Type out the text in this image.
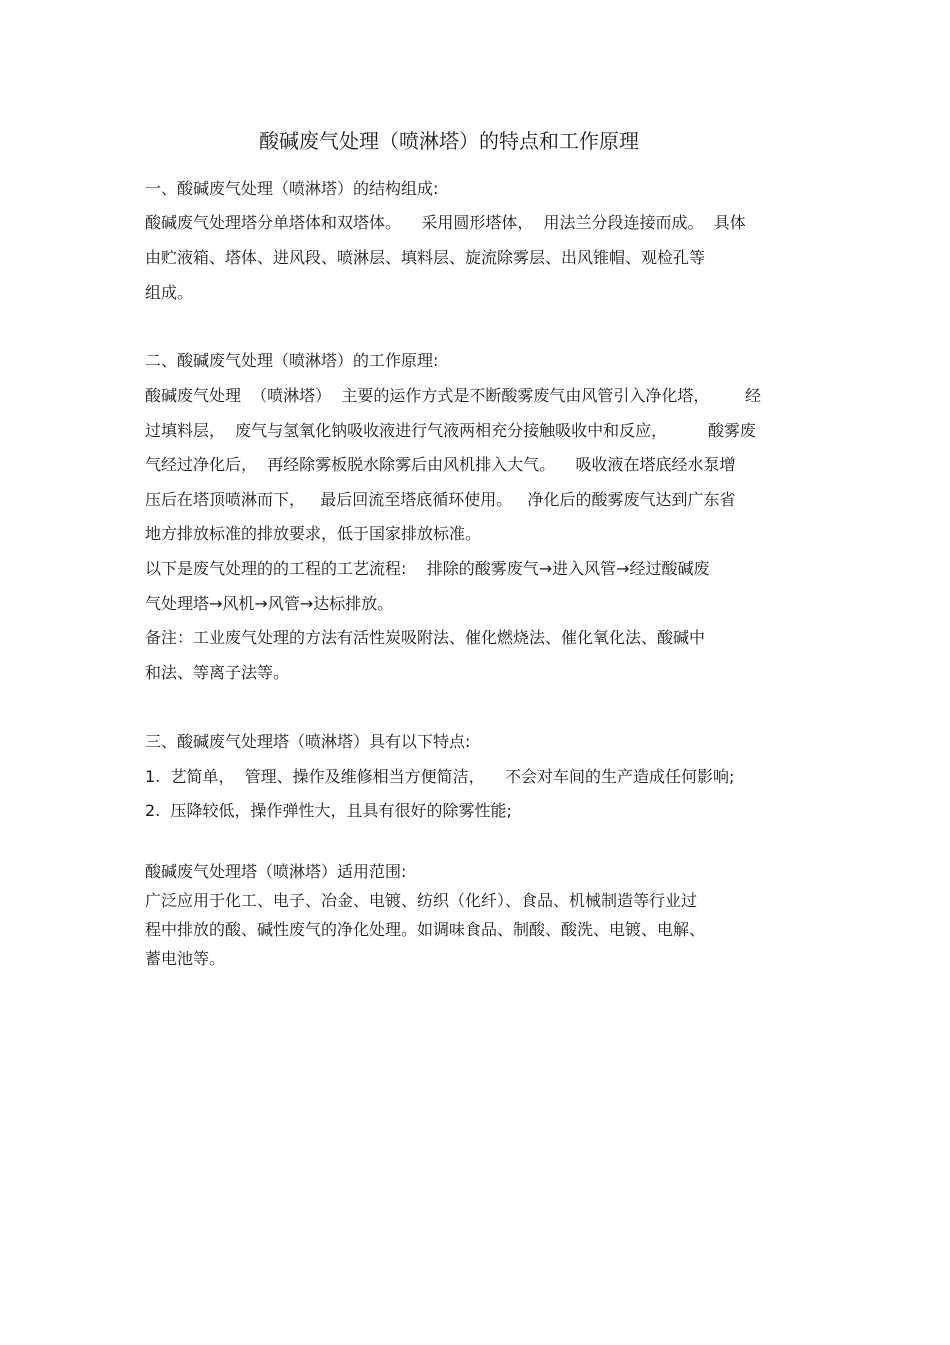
酸碱废气处理（喷淋塔）的特点和工作原理
一、酸碱废气处理（喷淋塔）的结构组成:
酸碱废气处理塔分单塔体和双塔体。    采用圆形塔体，  用法兰分段连接而成。  具体
由贮液箱、塔体、进风段、喷淋层、填料层、旋流除雾层、出风锥帽、观检孔等
组成。
二、酸碱废气处理（喷淋塔）的工作原理:
酸碱废气处理  （喷淋塔）  主要的运作方式是不断酸雾废气由风管引入净化塔，       经
过填料层，  废气与氢氧化钠吸收液进行气液两相充分接触吸收中和反应，        酸雾废
气经过净化后，  再经除雾板脱水除雾后由风机排入大气。    吸收液在塔底经水泵增
压后在塔顶喷淋而下，   最后回流至塔底循环使用。   净化后的酸雾废气达到广东省
地方排放标准的排放要求，低于国家排放标准。
以下是废气处理的的工程的工艺流程:    排除的酸雾废气→进入风管→经过酸碱废
气处理塔→风机→风管→达标排放。
备注：工业废气处理的方法有活性炭吸附法、催化燃烧法、催化氧化法、酸碱中
和法、等离子法等。
三、酸碱废气处理塔（喷淋塔）具有以下特点:
1.  艺简单，  管理、操作及维修相当方便简洁，    不会对车间的生产造成任何影响;
2.  压降较低，操作弹性大，且具有很好的除雾性能;
酸碱废气处理塔（喷淋塔）适用范围:
广泛应用于化工、电子、冶金、电镀、纺织（化纤）、食品、机械制造等行业过
程中排放的酸、碱性废气的净化处理。如调味食品、制酸、酸洗、电镀、电解、
蓄电池等。
